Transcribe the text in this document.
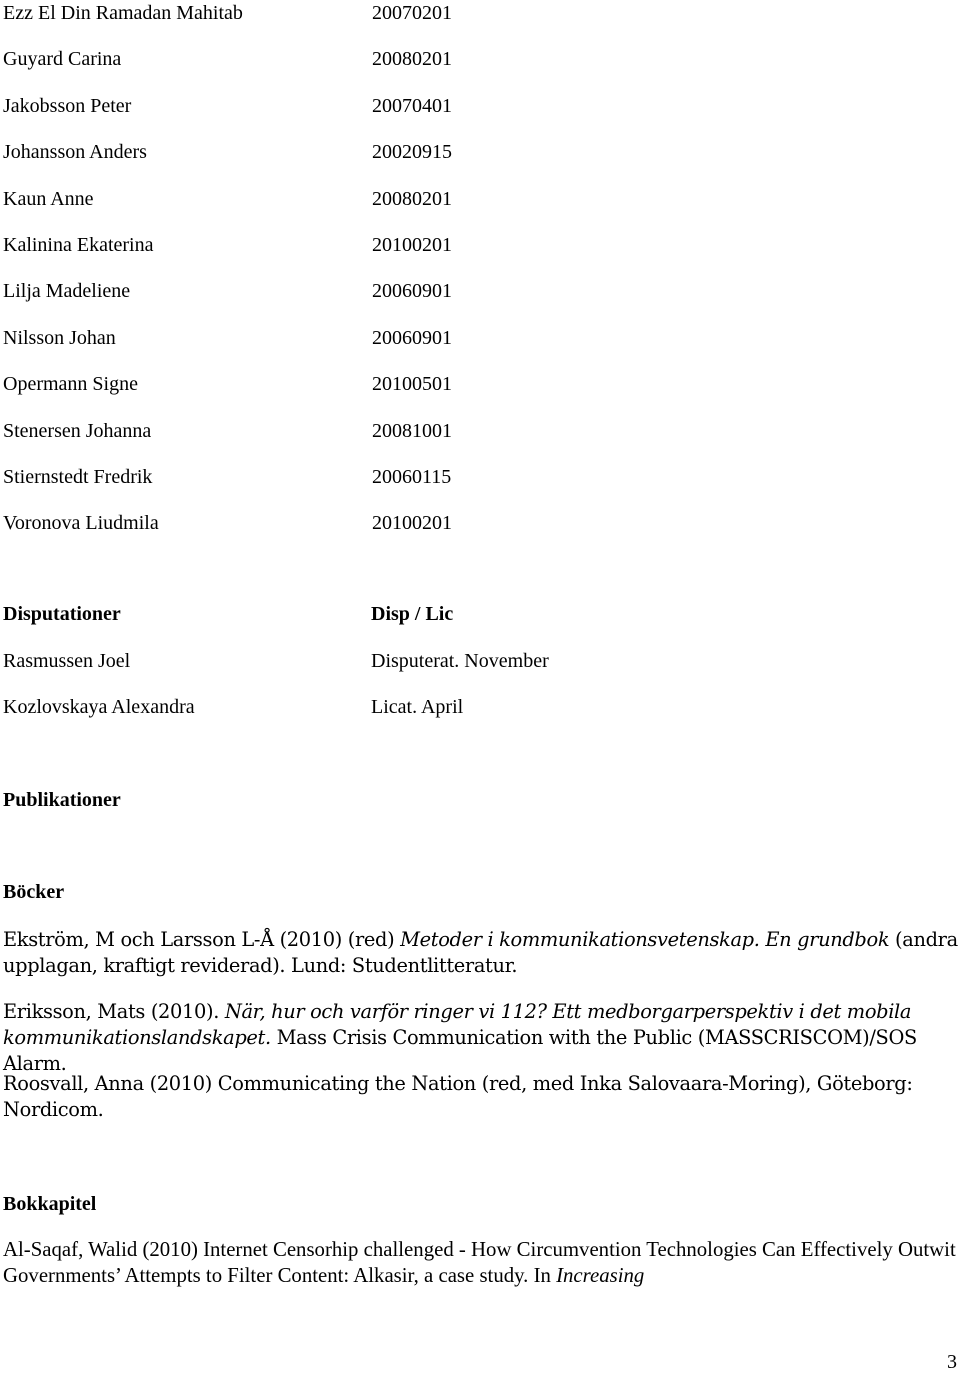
Ezz El Din Ramadan Mahitab	20070201
Guyard Carina	20080201
Jakobsson Peter	20070401
Johansson Anders	20020915
Kaun Anne	20080201
Kalinina Ekaterina	20100201
Lilja Madeliene	20060901
Nilsson Johan	20060901
Opermann Signe	20100501
Stenersen Johanna	20081001
Stiernstedt Fredrik	20060115
Voronova Liudmila	20100201
Disputationer	Disp / Lic
Rasmussen Joel	Disputerat. November
Kozlovskaya Alexandra	Licat. April
Publikationer
Böcker
Ekström, M och Larsson L-Å (2010) (red) Metoder i kommunikationsvetenskap. En grundbok (andra upplagan, kraftigt reviderad). Lund: Studentlitteratur.
Eriksson, Mats (2010). När, hur och varför ringer vi 112? Ett medborgarperspektiv i det mobila kommunikationslandskapet. Mass Crisis Communication with the Public (MASSCRISCOM)/SOS Alarm.
Roosvall, Anna (2010) Communicating the Nation (red, med Inka Salovaara-Moring), Göteborg: Nordicom.
Bokkapitel
Al-Saqaf, Walid (2010) Internet Censorhip challenged - How Circumvention Technologies Can Effectively Outwit Governments’ Attempts to Filter Content: Alkasir, a case study. In Increasing
3
